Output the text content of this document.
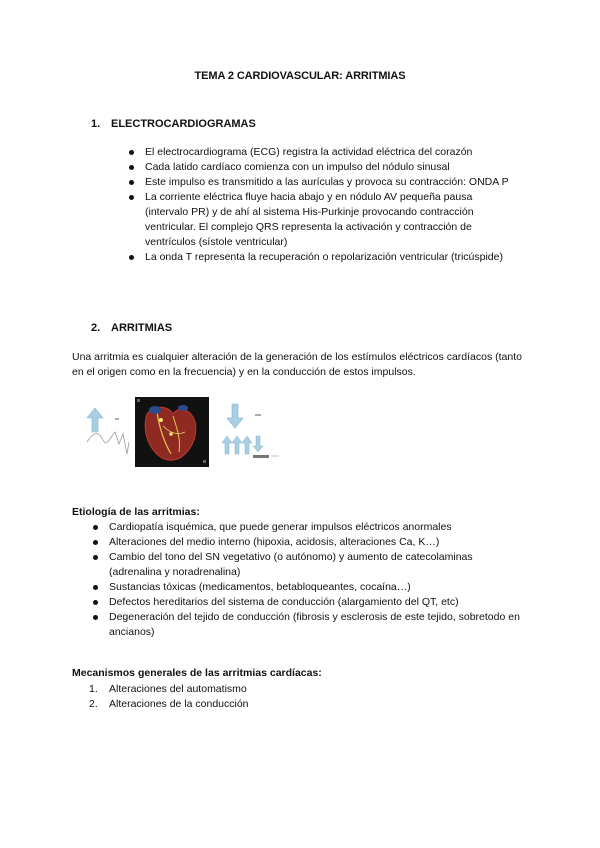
TEMA 2 CARDIOVASCULAR: ARRITMIAS
1. ELECTROCARDIOGRAMAS
El electrocardiograma (ECG) registra la actividad eléctrica del corazón
Cada latido cardíaco comienza con un impulso del nódulo sinusal
Este impulso es transmitido a las aurículas y provoca su contracción: ONDA P
La corriente eléctrica fluye hacia abajo y en nódulo AV pequeña pausa (intervalo PR) y de ahí al sistema His-Purkinje provocando contracción ventricular. El complejo QRS representa la activación y contracción de ventrículos (sístole ventricular)
La onda T representa la recuperación o repolarización ventricular (tricúspide)
2. ARRITMIAS
Una arritmia es cualquier alteración de la generación de los estímulos eléctricos cardíacos (tanto en el origen como en la frecuencia) y en la conducción de estos impulsos.
Etiología de las arritmias:
Cardiopatía isquémica, que puede generar impulsos eléctricos anormales
Alteraciones del medio interno (hipoxia, acidosis, alteraciones Ca, K…)
Cambio del tono del SN vegetativo (o autónomo) y aumento de catecolaminas (adrenalina y noradrenalina)
Sustancias tóxicas (medicamentos, betabloqueantes, cocaína…)
Defectos hereditarios del sistema de conducción (alargamiento del QT, etc)
Degeneración del tejido de conducción (fibrosis y esclerosis de este tejido, sobretodo en ancianos)
Mecanismos generales de las arritmias cardíacas:
1. Alteraciones del automatismo
2. Alteraciones de la conducción
